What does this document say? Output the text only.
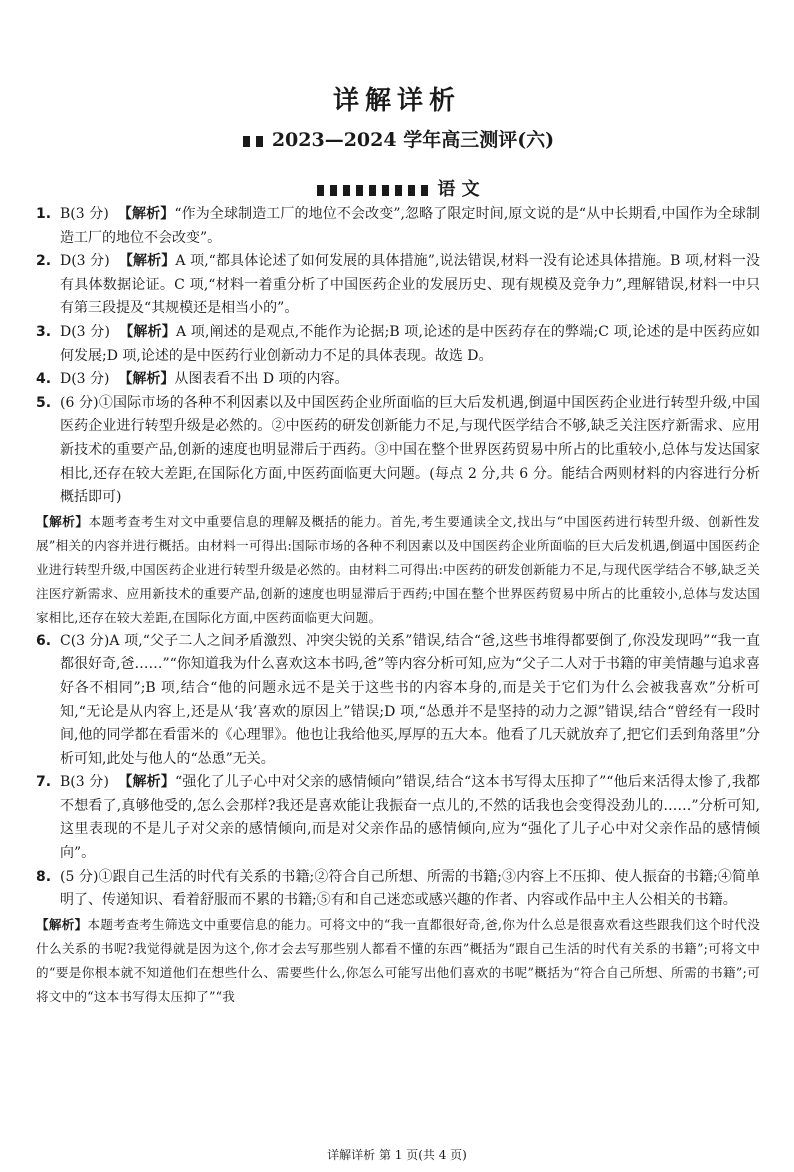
详解详析
2023—2024 学年高三测评(六)
语 文

1. B(3 分) 【解析】“作为全球制造工厂的地位不会改变”,忽略了限定时间,原文说的是“从中长期看,中国作为全球制造工厂的地位不会改变”。

2. D(3 分) 【解析】A 项,“都具体论述了如何发展的具体措施”,说法错误,材料一没有论述具体措施。B 项,材料一没有具体数据论证。C 项,“材料一着重分析了中国医药企业的发展历史、现有规模及竞争力”,理解错误,材料一中只有第三段提及“其规模还是相当小的”。

3. D(3 分) 【解析】A 项,阐述的是观点,不能作为论据;B 项,论述的是中医药存在的弊端;C 项,论述的是中医药应如何发展;D 项,论述的是中医药行业创新动力不足的具体表现。故选 D。

4. D(3 分) 【解析】从图表看不出 D 项的内容。

5. (6 分)①国际市场的各种不利因素以及中国医药企业所面临的巨大后发机遇,倒逼中国医药企业进行转型升级,中国医药企业进行转型升级是必然的。②中医药的研发创新能力不足,与现代医学结合不够,缺乏关注医疗新需求、应用新技术的重要产品,创新的速度也明显滞后于西药。③中国在整个世界医药贸易中所占的比重较小,总体与发达国家相比,还存在较大差距,在国际化方面,中医药面临更大问题。(每点 2 分,共 6 分。能结合两则材料的内容进行分析概括即可)

【解析】本题考查考生对文中重要信息的理解及概括的能力。首先,考生要通读全文,找出与“中国医药进行转型升级、创新性发展”相关的内容并进行概括。由材料一可得出:国际市场的各种不利因素以及中国医药企业所面临的巨大后发机遇,倒逼中国医药企业进行转型升级,中国医药企业进行转型升级是必然的。由材料二可得出:中医药的研发创新能力不足,与现代医学结合不够,缺乏关注医疗新需求、应用新技术的重要产品,创新的速度也明显滞后于西药;中国在整个世界医药贸易中所占的比重较小,总体与发达国家相比,还存在较大差距,在国际化方面,中医药面临更大问题。

6. C(3 分)A 项,“父子二人之间矛盾激烈、冲突尖锐的关系”错误,结合“爸,这些书堆得都要倒了,你没发现吗”“我一直都很好奇,爸……”“你知道我为什么喜欢这本书吗,爸”等内容分析可知,应为“父子二人对于书籍的审美情趣与追求喜好各不相同”;B 项,结合“他的问题永远不是关于这些书的内容本身的,而是关于它们为什么会被我喜欢”分析可知,“无论是从内容上,还是从‘我’喜欢的原因上”错误;D 项,“怂恿并不是坚持的动力之源”错误,结合“曾经有一段时间,他的同学都在看雷米的《心理罪》。他也让我给他买,厚厚的五大本。他看了几天就放弃了,把它们丢到角落里”分析可知,此处与他人的“怂恿”无关。

7. B(3 分) 【解析】“强化了儿子心中对父亲的感情倾向”错误,结合“这本书写得太压抑了”“他后来活得太惨了,我都不想看了,真够他受的,怎么会那样?我还是喜欢能让我振奋一点儿的,不然的话我也会变得没劲儿的……”分析可知,这里表现的不是儿子对父亲的感情倾向,而是对父亲作品的感情倾向,应为“强化了儿子心中对父亲作品的感情倾向”。

8. (5 分)①跟自己生活的时代有关系的书籍;②符合自己所想、所需的书籍;③内容上不压抑、使人振奋的书籍;④简单明了、传递知识、看着舒服而不累的书籍;⑤有和自己迷恋或感兴趣的作者、内容或作品中主人公相关的书籍。

【解析】本题考查考生筛选文中重要信息的能力。可将文中的“我一直都很好奇,爸,你为什么总是很喜欢看这些跟我们这个时代没什么关系的书呢?我觉得就是因为这个,你才会去写那些别人都看不懂的东西”概括为“跟自己生活的时代有关系的书籍”;可将文中的“要是你根本就不知道他们在想些什么、需要些什么,你怎么可能写出他们喜欢的书呢”概括为“符合自己所想、所需的书籍”;可将文中的“这本书写得太压抑了”“我

详解详析 第 1 页(共 4 页)
